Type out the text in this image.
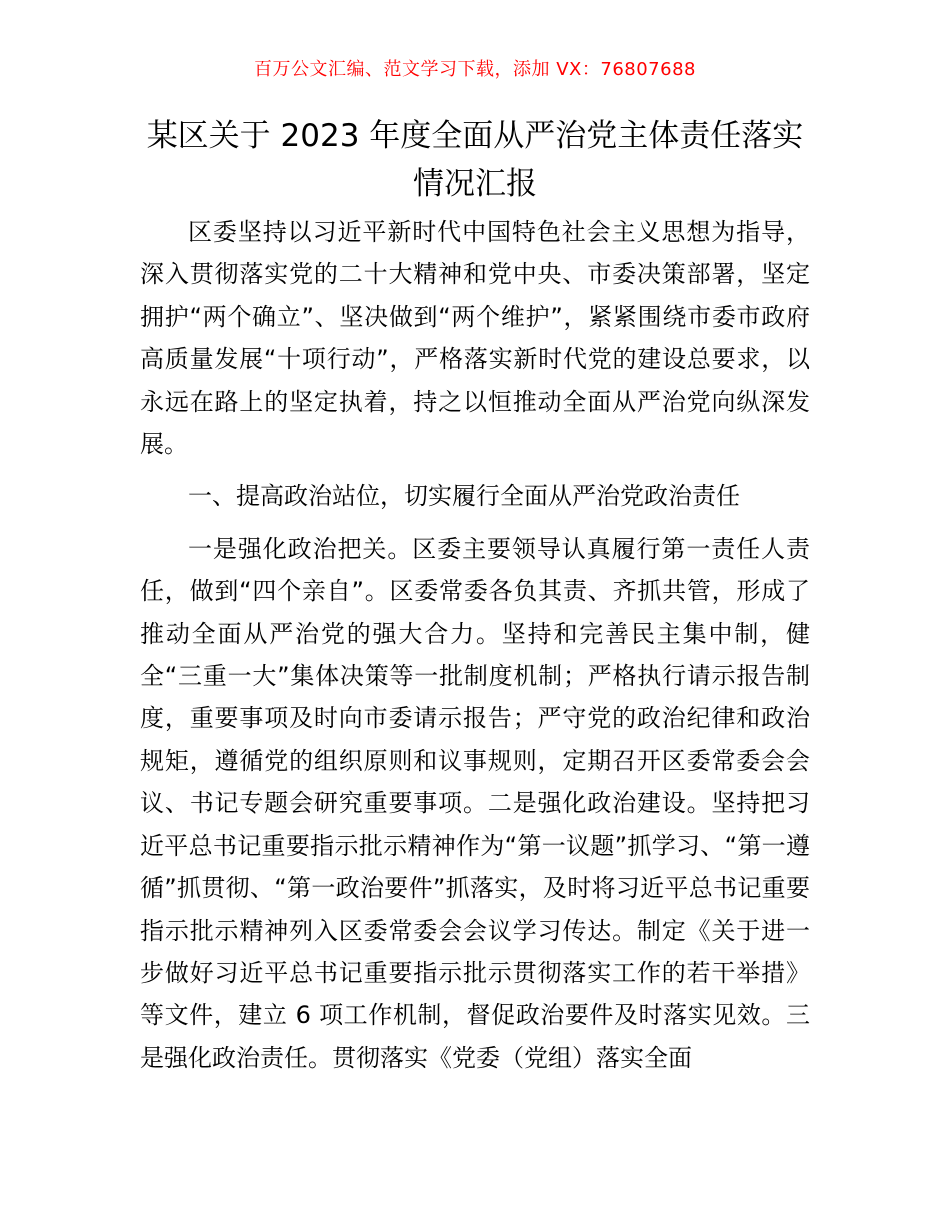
百万公文汇编、范文学习下载，添加 VX：76807688
某区关于 2023 年度全面从严治党主体责任落实
情况汇报

区委坚持以习近平新时代中国特色社会主义思想为指导，深入贯彻落实党的二十大精神和党中央、市委决策部署，坚定拥护“两个确立”、坚决做到“两个维护”，紧紧围绕市委市政府高质量发展“十项行动”，严格落实新时代党的建设总要求，以永远在路上的坚定执着，持之以恒推动全面从严治党向纵深发展。

一、提高政治站位，切实履行全面从严治党政治责任

一是强化政治把关。区委主要领导认真履行第一责任人责任，做到“四个亲自”。区委常委各负其责、齐抓共管，形成了推动全面从严治党的强大合力。坚持和完善民主集中制，健全“三重一大”集体决策等一批制度机制；严格执行请示报告制度，重要事项及时向市委请示报告；严守党的政治纪律和政治规矩，遵循党的组织原则和议事规则，定期召开区委常委会会议、书记专题会研究重要事项。二是强化政治建设。坚持把习近平总书记重要指示批示精神作为“第一议题”抓学习、“第一遵循”抓贯彻、“第一政治要件”抓落实，及时将习近平总书记重要指示批示精神列入区委常委会会议学习传达。制定《关于进一步做好习近平总书记重要指示批示贯彻落实工作的若干举措》等文件，建立 6 项工作机制，督促政治要件及时落实见效。三是强化政治责任。贯彻落实《党委（党组）落实全面
